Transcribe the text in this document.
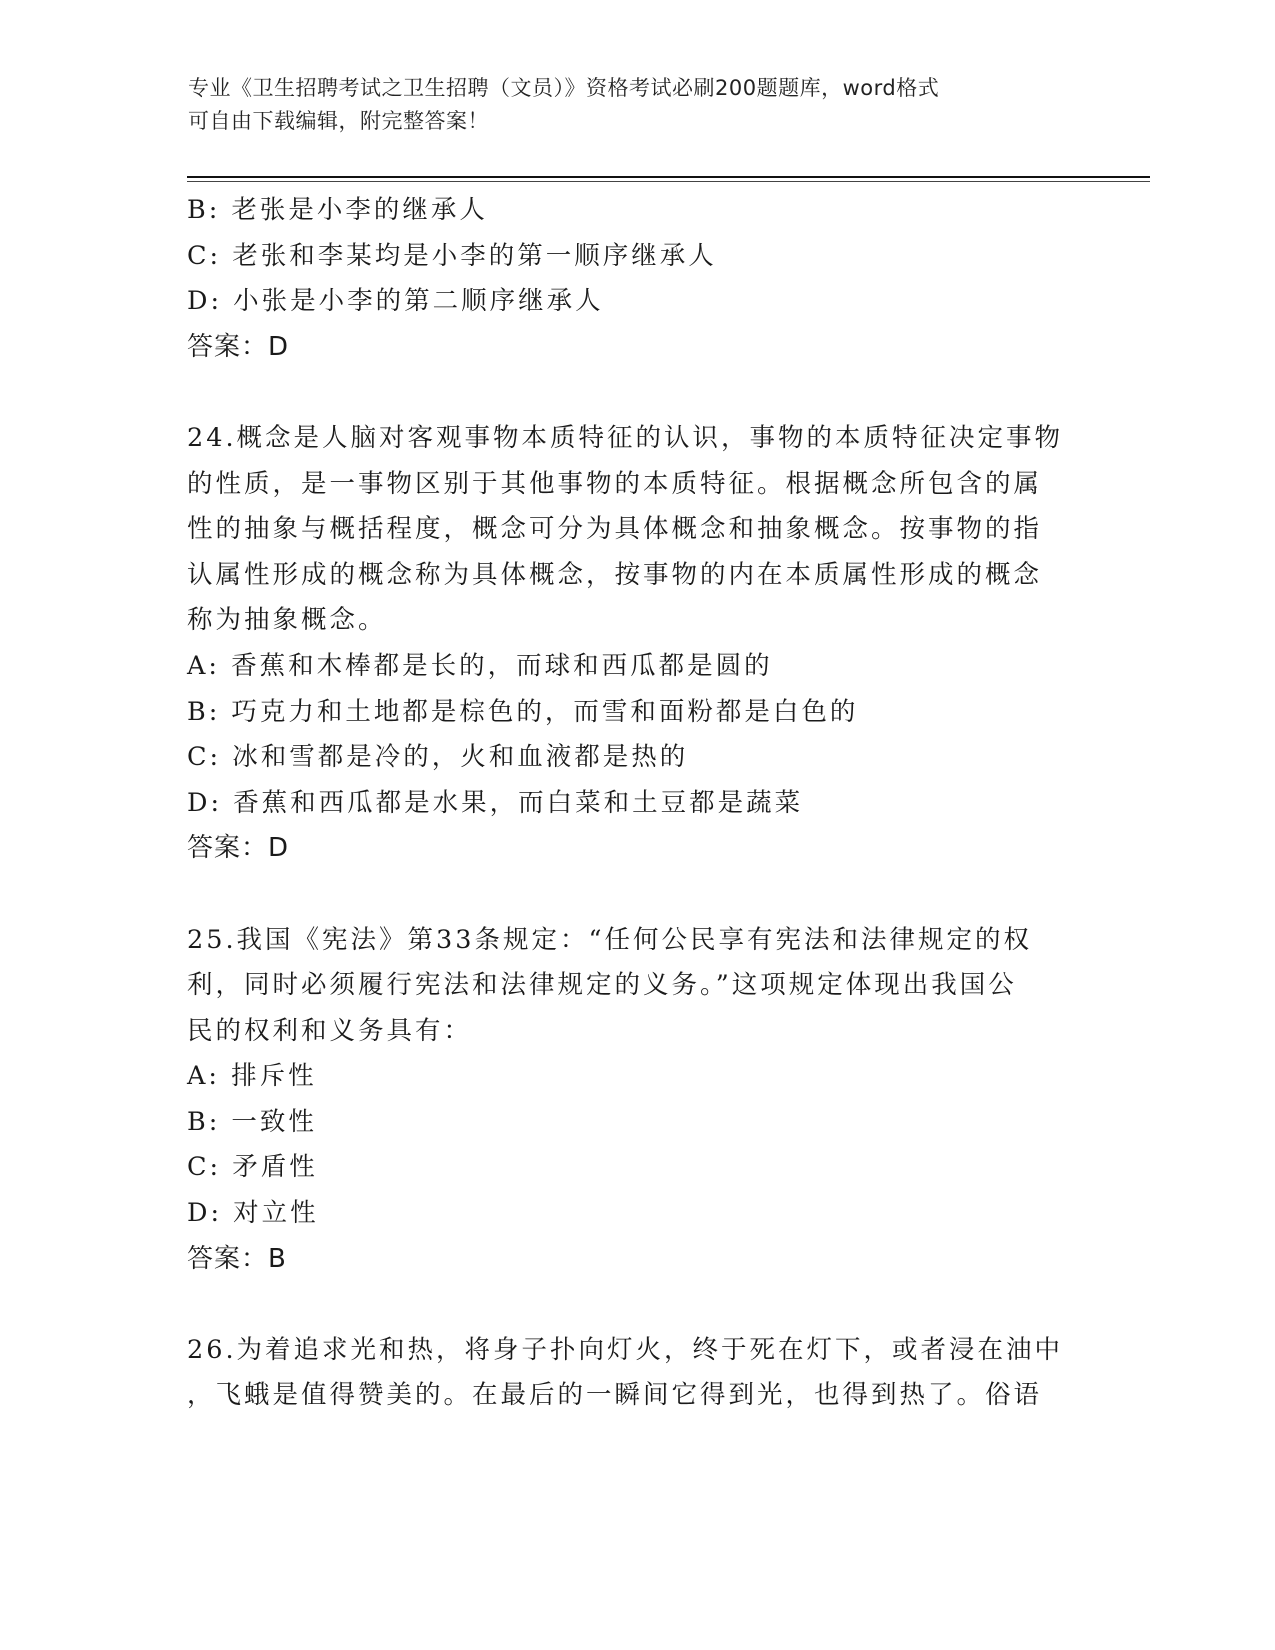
专业《卫生招聘考试之卫生招聘（文员）》资格考试必刷200题题库，word格式
可自由下载编辑，附完整答案！
B: 老张是小李的继承人
C: 老张和李某均是小李的第一顺序继承人
D: 小张是小李的第二顺序继承人
答案：D
24.概念是人脑对客观事物本质特征的认识，事物的本质特征决定事物
的性质，是一事物区别于其他事物的本质特征。根据概念所包含的属
性的抽象与概括程度，概念可分为具体概念和抽象概念。按事物的指
认属性形成的概念称为具体概念，按事物的内在本质属性形成的概念
称为抽象概念。
A: 香蕉和木棒都是长的，而球和西瓜都是圆的
B: 巧克力和土地都是棕色的，而雪和面粉都是白色的
C: 冰和雪都是冷的，火和血液都是热的
D: 香蕉和西瓜都是水果，而白菜和土豆都是蔬菜
答案：D
25.我国《宪法》第33条规定：“任何公民享有宪法和法律规定的权
利，同时必须履行宪法和法律规定的义务。”这项规定体现出我国公
民的权利和义务具有：
A: 排斥性
B: 一致性
C: 矛盾性
D: 对立性
答案：B
26.为着追求光和热，将身子扑向灯火，终于死在灯下，或者浸在油中
，飞蛾是值得赞美的。在最后的一瞬间它得到光，也得到热了。俗语
